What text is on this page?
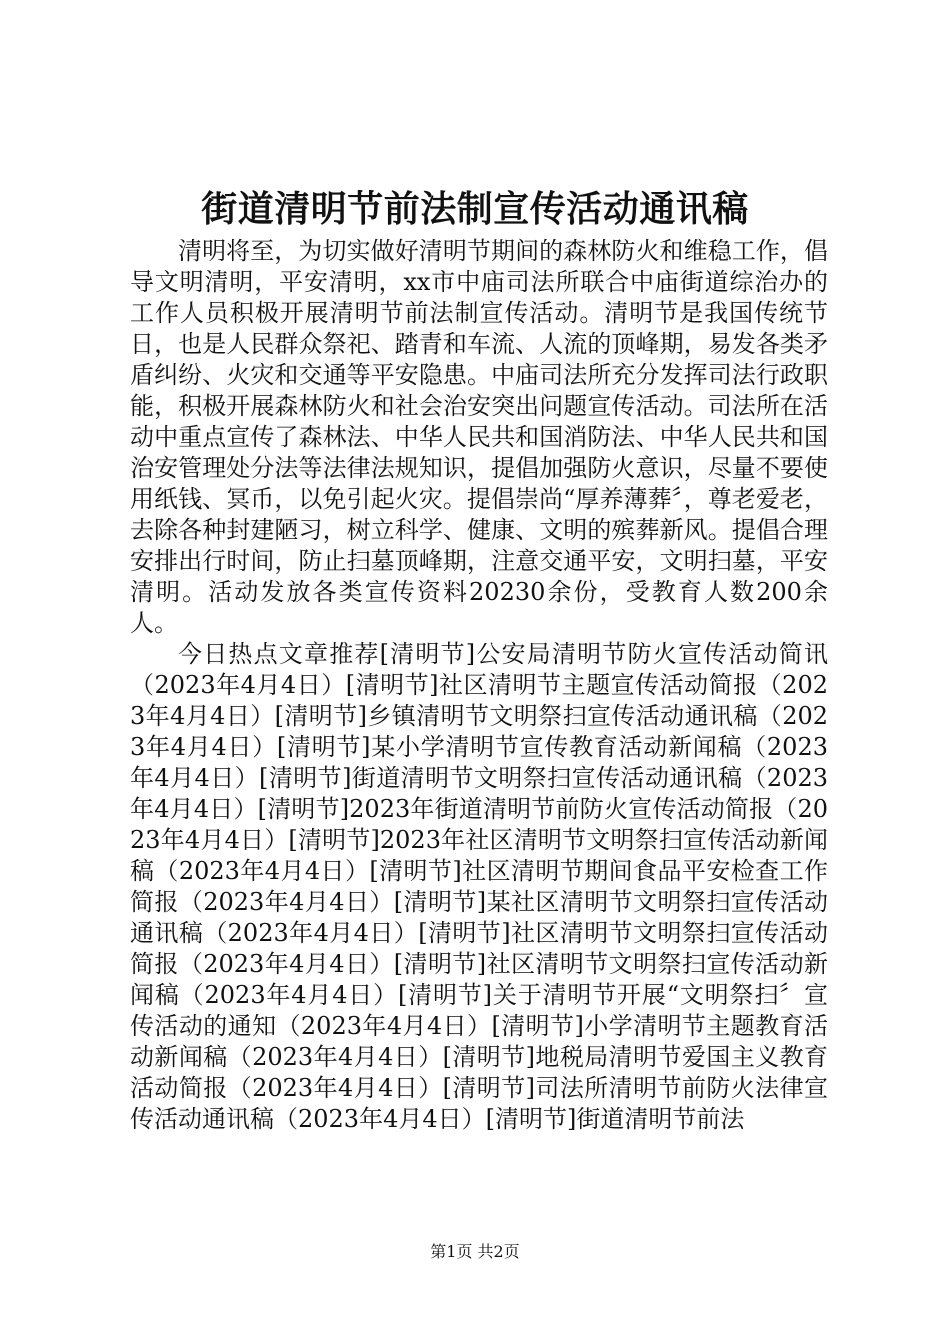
街道清明节前法制宣传活动通讯稿

清明将至，为切实做好清明节期间的森林防火和维稳工作，倡导文明清明，平安清明，xx市中庙司法所联合中庙街道综治办的工作人员积极开展清明节前法制宣传活动。清明节是我国传统节日，也是人民群众祭祀、踏青和车流、人流的顶峰期，易发各类矛盾纠纷、火灾和交通等平安隐患。中庙司法所充分发挥司法行政职能，积极开展森林防火和社会治安突出问题宣传活动。司法所在活动中重点宣传了森林法、中华人民共和国消防法、中华人民共和国治安管理处分法等法律法规知识，提倡加强防火意识，尽量不要使用纸钱、冥币，以免引起火灾。提倡崇尚“厚养薄葬〞，尊老爱老，去除各种封建陋习，树立科学、健康、文明的殡葬新风。提倡合理安排出行时间，防止扫墓顶峰期，注意交通平安，文明扫墓，平安清明。活动发放各类宣传资料20230余份，受教育人数200余人。

今日热点文章推荐[清明节]公安局清明节防火宣传活动简讯（2023年4月4日）[清明节]社区清明节主题宣传活动简报（2023年4月4日）[清明节]乡镇清明节文明祭扫宣传活动通讯稿（2023年4月4日）[清明节]某小学清明节宣传教育活动新闻稿（2023年4月4日）[清明节]街道清明节文明祭扫宣传活动通讯稿（2023年4月4日）[清明节]2023年街道清明节前防火宣传活动简报（2023年4月4日）[清明节]2023年社区清明节文明祭扫宣传活动新闻稿（2023年4月4日）[清明节]社区清明节期间食品平安检查工作简报（2023年4月4日）[清明节]某社区清明节文明祭扫宣传活动通讯稿（2023年4月4日）[清明节]社区清明节文明祭扫宣传活动简报（2023年4月4日）[清明节]社区清明节文明祭扫宣传活动新闻稿（2023年4月4日）[清明节]关于清明节开展“文明祭扫〞宣传活动的通知（2023年4月4日）[清明节]小学清明节主题教育活动新闻稿（2023年4月4日）[清明节]地税局清明节爱国主义教育活动简报（2023年4月4日）[清明节]司法所清明节前防火法律宣传活动通讯稿（2023年4月4日）[清明节]街道清明节前法

第1页 共2页
